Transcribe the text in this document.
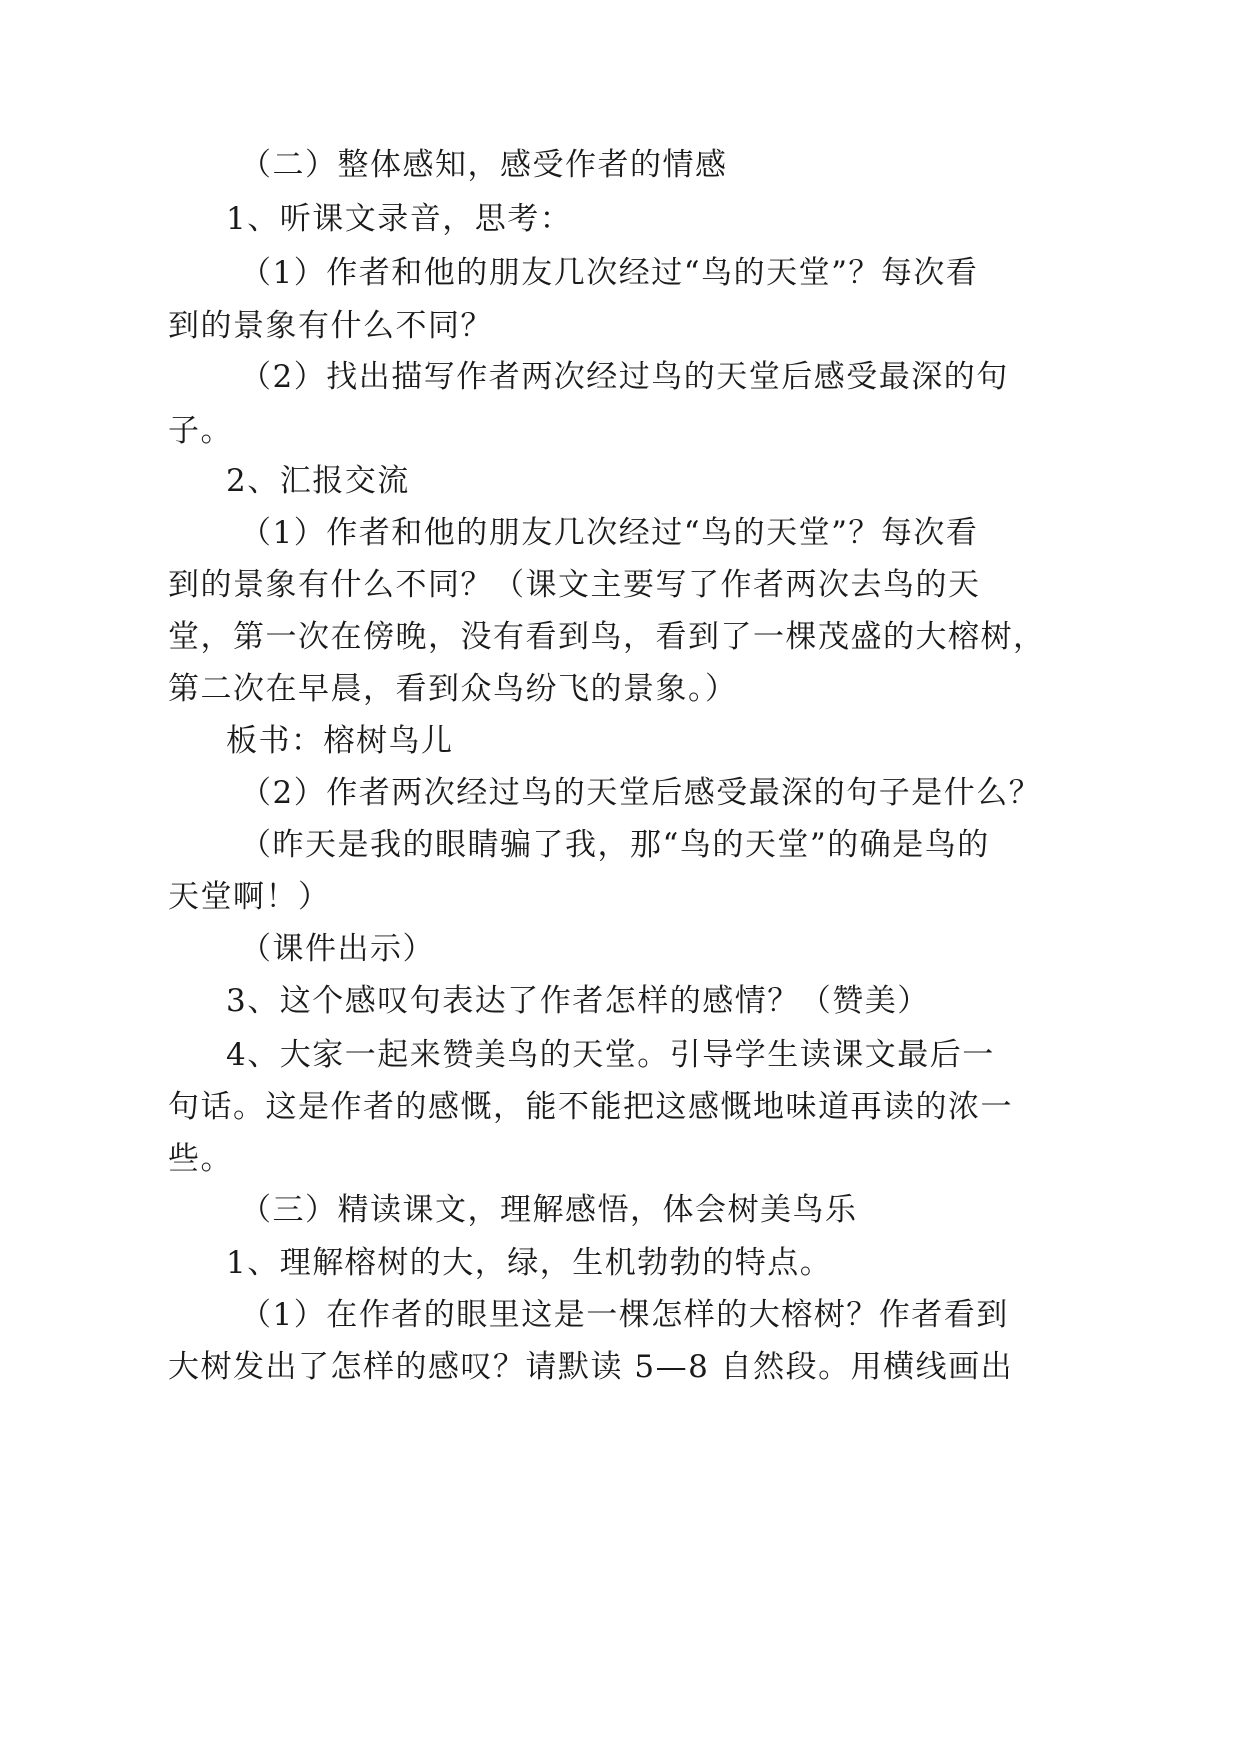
（二）整体感知，感受作者的情感
1、听课文录音，思考：
（1）作者和他的朋友几次经过“鸟的天堂”？每次看
到的景象有什么不同？
（2）找出描写作者两次经过鸟的天堂后感受最深的句
子。
2、汇报交流
（1）作者和他的朋友几次经过“鸟的天堂”？每次看
到的景象有什么不同？（课文主要写了作者两次去鸟的天
堂，第一次在傍晚，没有看到鸟，看到了一棵茂盛的大榕树，
第二次在早晨，看到众鸟纷飞的景象。）
板书：榕树鸟儿
（2）作者两次经过鸟的天堂后感受最深的句子是什么？
（昨天是我的眼睛骗了我，那“鸟的天堂”的确是鸟的
天堂啊！）
（课件出示）
3、这个感叹句表达了作者怎样的感情？（赞美）
4、大家一起来赞美鸟的天堂。引导学生读课文最后一
句话。这是作者的感慨，能不能把这感慨地味道再读的浓一
些。
（三）精读课文，理解感悟，体会树美鸟乐
1、理解榕树的大，绿，生机勃勃的特点。
（1）在作者的眼里这是一棵怎样的大榕树？作者看到
大树发出了怎样的感叹？请默读 5—8 自然段。用横线画出
